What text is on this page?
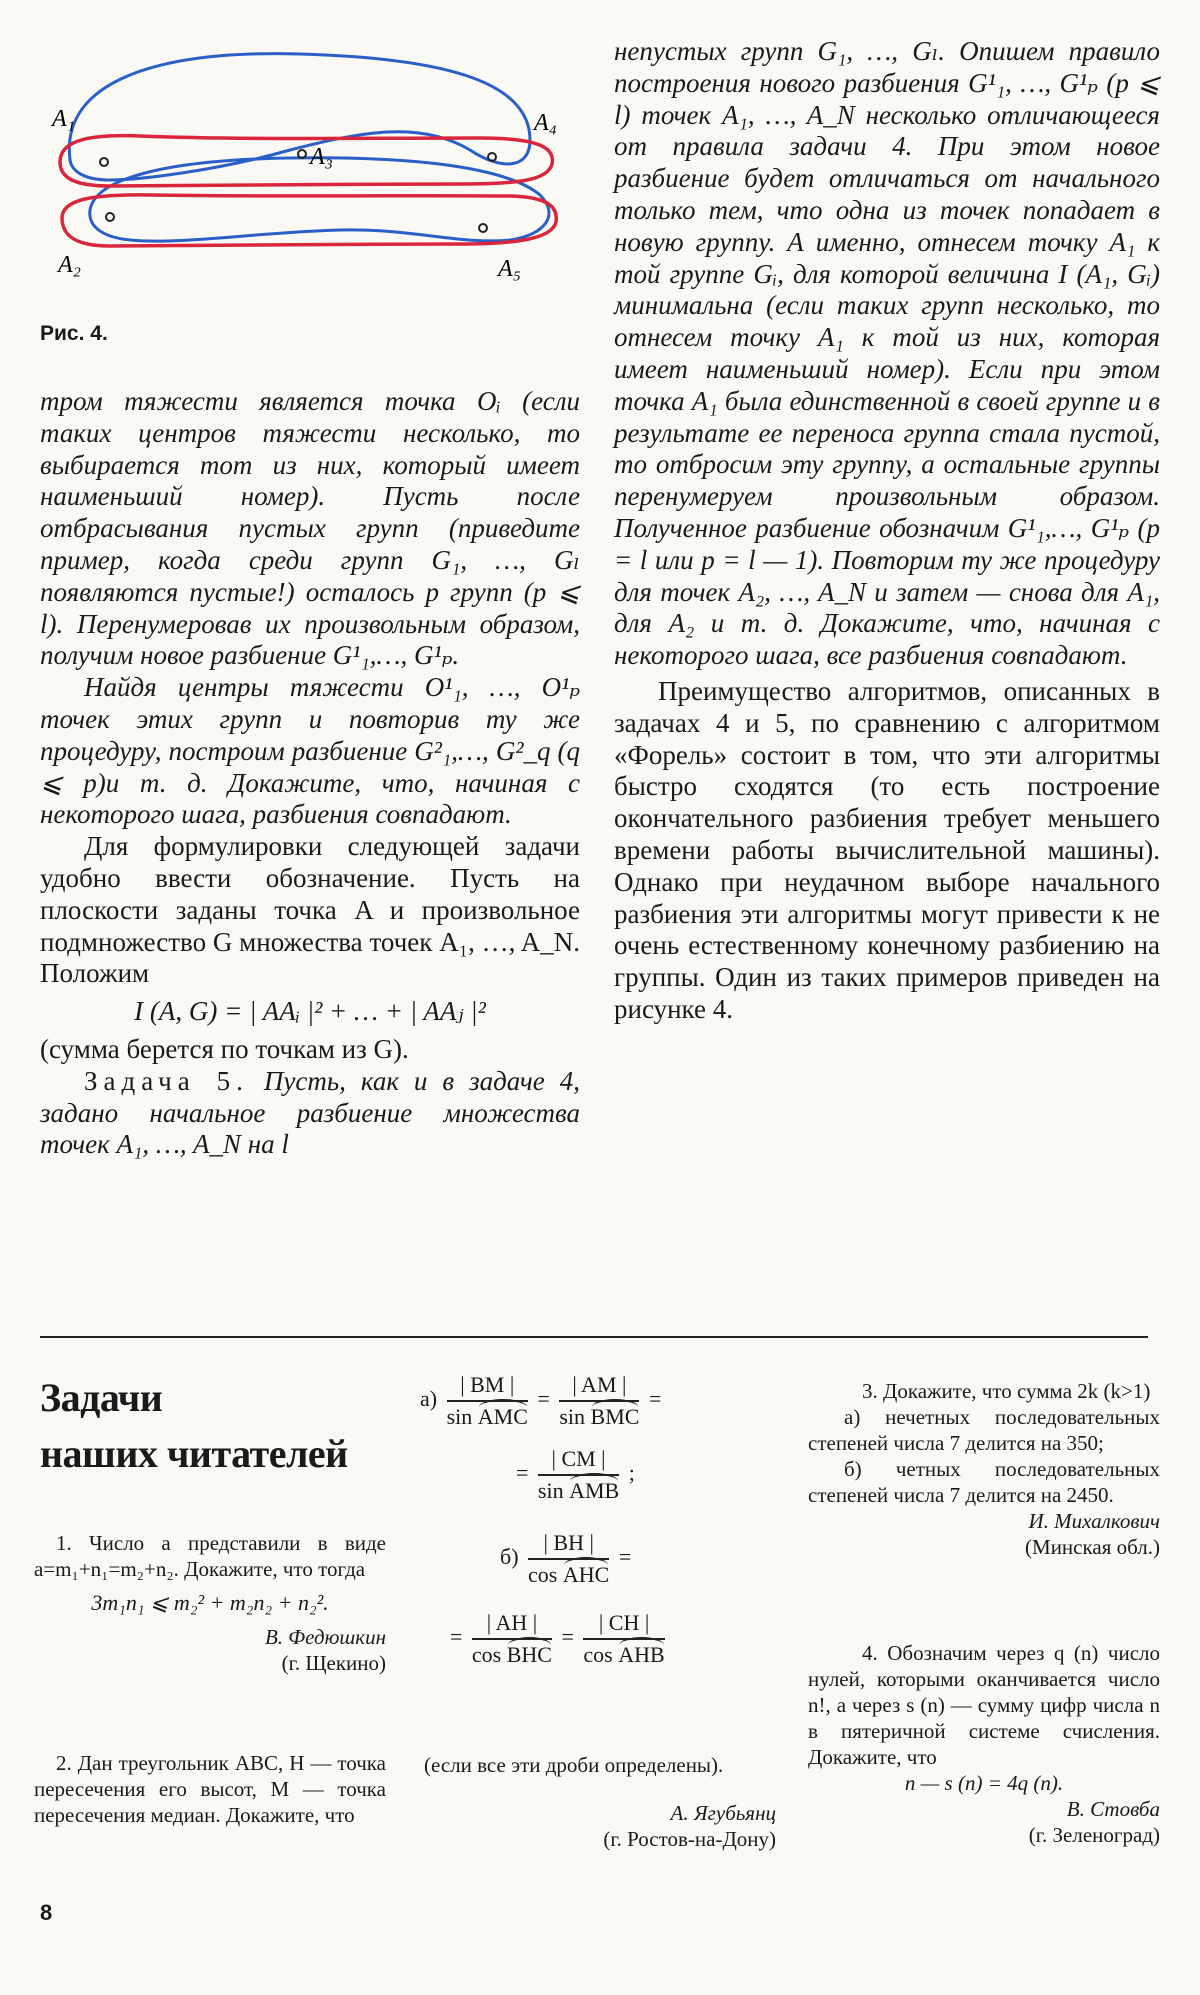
A₁
A₃
A₄
A₂	A₅
Рис. 4.

тром тяжести является точка Oᵢ (если таких центров тяжести несколько, то выбирается тот из них, который имеет наименьший номер). Пусть после отбрасывания пустых групп (приведите пример, когда среди групп G₁, …, Gₗ появляются пустые!) осталось p групп (p ⩽ l). Перенумеровав их произвольным образом, получим новое разбиение G¹₁,…, G¹ₚ.

Найдя центры тяжести O¹₁, …, O¹ₚ точек этих групп и повторив ту же процедуру, построим разбиение G²₁,…, G²_q (q ⩽ p)и т. д. Докажите, что, начиная с некоторого шага, разбиения совпадают.

Для формулировки следующей задачи удобно ввести обозначение. Пусть на плоскости заданы точка A и произвольное подмножество G множества точек A₁, …, A_N. Положим

I (A, G) = | AAᵢ |² + … + | AAⱼ |²

(сумма берется по точкам из G).

Задача 5. Пусть, как и в задаче 4, задано начальное разбиение множества точек A₁, …, A_N на l

непустых групп G₁, …, Gₗ. Опишем правило построения нового разбиения G¹₁, …, G¹ₚ (p ⩽ l) точек A₁, …, A_N несколько отличающееся от правила задачи 4. При этом новое разбиение будет отличаться от начального только тем, что одна из точек попадает в новую группу. А именно, отнесем точку A₁ к той группе Gᵢ, для которой величина I (A₁, Gᵢ) минимальна (если таких групп несколько, то отнесем точку A₁ к той из них, которая имеет наименьший номер). Если при этом точка A₁ была единственной в своей группе и в результате ее переноса группа стала пустой, то отбросим эту группу, а остальные группы перенумеруем произвольным образом. Полученное разбиение обозначим G¹₁,…, G¹ₚ (p = l или p = l — 1). Повторим ту же процедуру для точек A₂, …, A_N и затем — снова для A₁, для A₂ и т. д. Докажите, что, начиная с некоторого шага, все разбиения совпадают.

Преимущество алгоритмов, описанных в задачах 4 и 5, по сравнению с алгоритмом «Форель» состоит в том, что эти алгоритмы быстро сходятся (то есть построение окончательного разбиения требует меньшего времени работы вычислительной машины). Однако при неудачном выборе начального разбиения эти алгоритмы могут привести к не очень естественному конечному разбиению на группы. Один из таких примеров приведен на рисунке 4.

Задачи
наших читателей

1. Число a представили в виде a=m₁+n₁=m₂+n₂. Докажите, что тогда

3m₁n₁ ⩽ m₂² + m₂n₂ + n₂².

В. Федюшкин

(г. Щекино)

2. Дан треугольник ABC, H — точка пересечения его высот, M — точка пересечения медиан. Докажите, что

$а) \frac{| BM |}{\text{sin AMC}} = \frac{| AM |}{\text{sin BMC}}$ =
= $\frac{| CM |}{\text{sin AMB}}$ ;
$б) \frac{| BH |}{\text{cos AHC}}$ =
= $\frac{| AH |}{\text{cos BHC}} = \frac{| CH |}{\text{cos AHB}}$

(если все эти дроби определены).

А. Ягубьянц

(г. Ростов-на-Дону)

3. Докажите, что сумма 2k (k>1)

а) нечетных последовательных степеней числа 7 делится на 350;

б) четных последовательных степеней числа 7 делится на 2450.

И. Михалкович

(Минская обл.)

4. Обозначим через q (n) число нулей, которыми оканчивается число n!, а через s (n) — сумму цифр числа n в пятеричной системе счисления. Докажите, что

n — s (n) = 4q (n).

В. Стовба

(г. Зеленоград)

8
